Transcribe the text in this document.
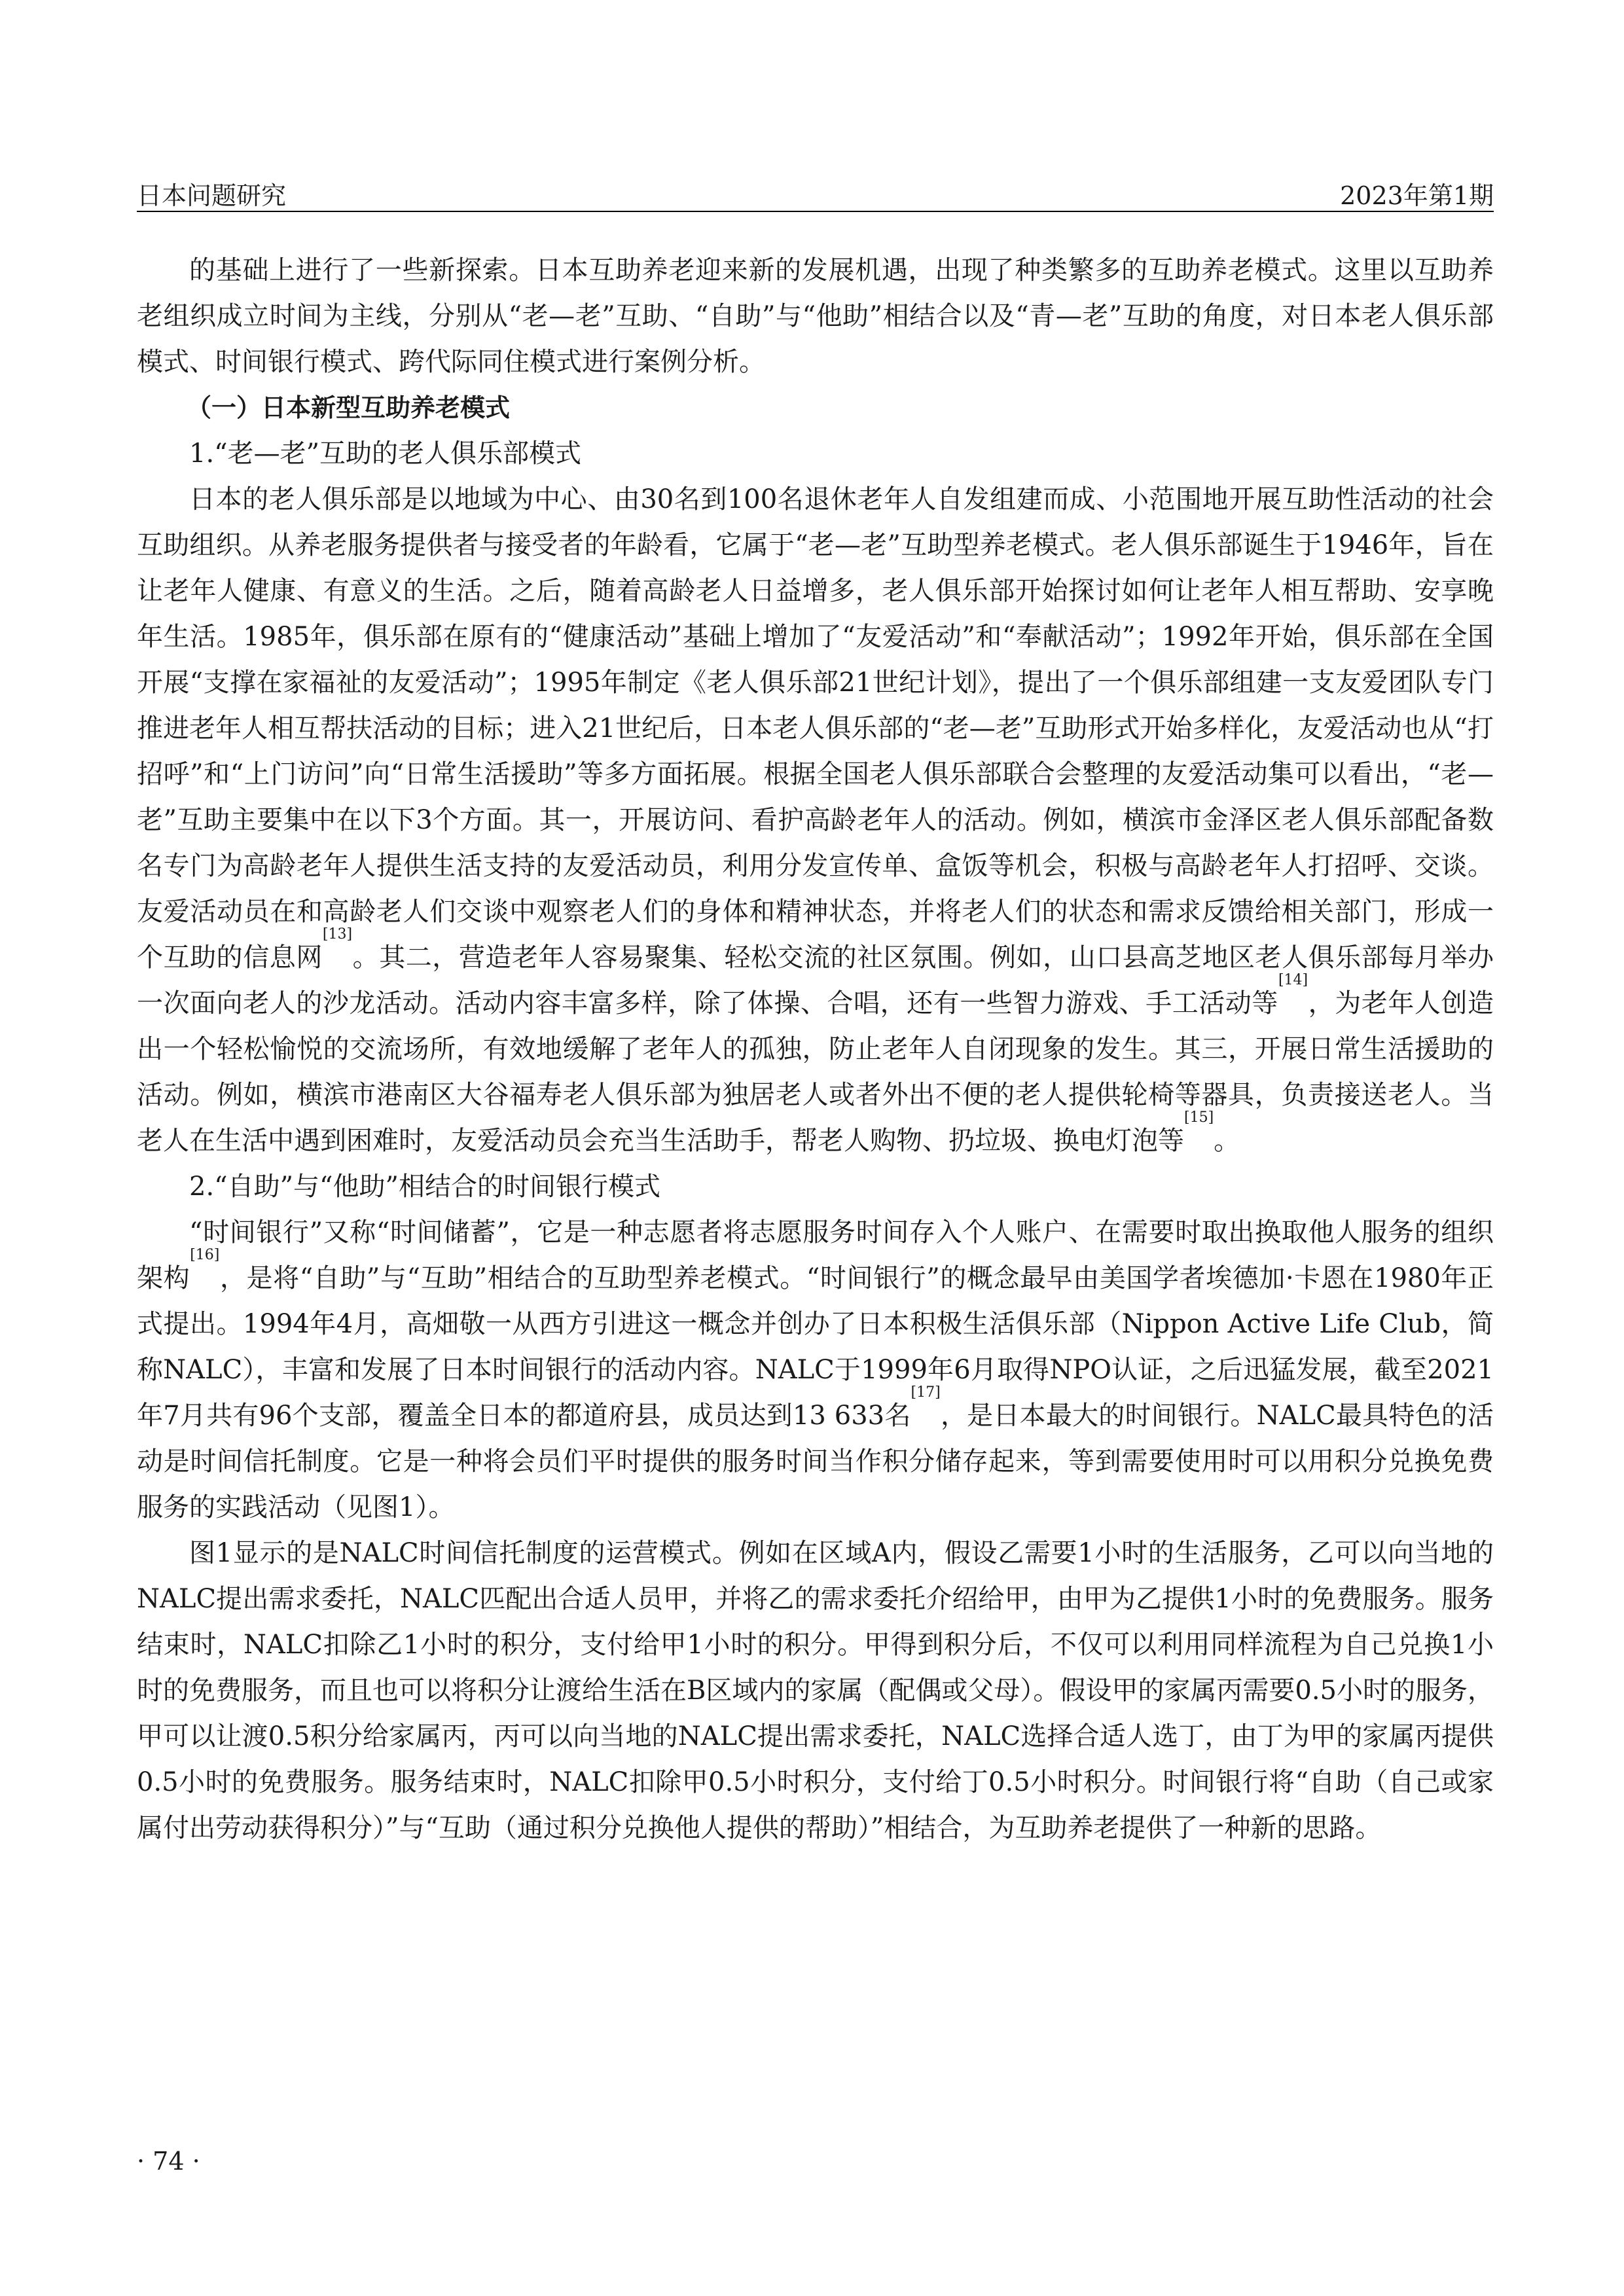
日本问题研究	2023年第1期

的基础上进行了一些新探索。日本互助养老迎来新的发展机遇，出现了种类繁多的互助养老模式。这里以互助养老组织成立时间为主线，分别从“老—老”互助、“自助”与“他助”相结合以及“青—老”互助的角度，对日本老人俱乐部模式、时间银行模式、跨代际同住模式进行案例分析。

（一）日本新型互助养老模式

1.“老—老”互助的老人俱乐部模式

日本的老人俱乐部是以地域为中心、由30名到100名退休老年人自发组建而成、小范围地开展互助性活动的社会互助组织。从养老服务提供者与接受者的年龄看，它属于“老—老”互助型养老模式。老人俱乐部诞生于1946年，旨在让老年人健康、有意义的生活。之后，随着高龄老人日益增多，老人俱乐部开始探讨如何让老年人相互帮助、安享晚年生活。1985年，俱乐部在原有的“健康活动”基础上增加了“友爱活动”和“奉献活动”；1992年开始，俱乐部在全国开展“支撑在家福祉的友爱活动”；1995年制定《老人俱乐部21世纪计划》，提出了一个俱乐部组建一支友爱团队专门推进老年人相互帮扶活动的目标；进入21世纪后，日本老人俱乐部的“老—老”互助形式开始多样化，友爱活动也从“打招呼”和“上门访问”向“日常生活援助”等多方面拓展。根据全国老人俱乐部联合会整理的友爱活动集可以看出，“老—老”互助主要集中在以下3个方面。其一，开展访问、看护高龄老年人的活动。例如，横滨市金泽区老人俱乐部配备数名专门为高龄老年人提供生活支持的友爱活动员，利用分发宣传单、盒饭等机会，积极与高龄老年人打招呼、交谈。友爱活动员在和高龄老人们交谈中观察老人们的身体和精神状态，并将老人们的状态和需求反馈给相关部门，形成一个互助的信息网[13]。其二，营造老年人容易聚集、轻松交流的社区氛围。例如，山口县高芝地区老人俱乐部每月举办一次面向老人的沙龙活动。活动内容丰富多样，除了体操、合唱，还有一些智力游戏、手工活动等[14]，为老年人创造出一个轻松愉悦的交流场所，有效地缓解了老年人的孤独，防止老年人自闭现象的发生。其三，开展日常生活援助的活动。例如，横滨市港南区大谷福寿老人俱乐部为独居老人或者外出不便的老人提供轮椅等器具，负责接送老人。当老人在生活中遇到困难时，友爱活动员会充当生活助手，帮老人购物、扔垃圾、换电灯泡等[15]。

2.“自助”与“他助”相结合的时间银行模式

“时间银行”又称“时间储蓄”，它是一种志愿者将志愿服务时间存入个人账户、在需要时取出换取他人服务的组织架构[16]，是将“自助”与“互助”相结合的互助型养老模式。“时间银行”的概念最早由美国学者埃德加·卡恩在1980年正式提出。1994年4月，高畑敬一从西方引进这一概念并创办了日本积极生活俱乐部（Nippon Active Life Club，简称NALC），丰富和发展了日本时间银行的活动内容。NALC于1999年6月取得NPO认证，之后迅猛发展，截至2021年7月共有96个支部，覆盖全日本的都道府县，成员达到13 633名[17]，是日本最大的时间银行。NALC最具特色的活动是时间信托制度。它是一种将会员们平时提供的服务时间当作积分储存起来，等到需要使用时可以用积分兑换免费服务的实践活动（见图1）。

图1显示的是NALC时间信托制度的运营模式。例如在区域A内，假设乙需要1小时的生活服务，乙可以向当地的NALC提出需求委托，NALC匹配出合适人员甲，并将乙的需求委托介绍给甲，由甲为乙提供1小时的免费服务。服务结束时，NALC扣除乙1小时的积分，支付给甲1小时的积分。甲得到积分后，不仅可以利用同样流程为自己兑换1小时的免费服务，而且也可以将积分让渡给生活在B区域内的家属（配偶或父母）。假设甲的家属丙需要0.5小时的服务，甲可以让渡0.5积分给家属丙，丙可以向当地的NALC提出需求委托，NALC选择合适人选丁，由丁为甲的家属丙提供0.5小时的免费服务。服务结束时，NALC扣除甲0.5小时积分，支付给丁0.5小时积分。时间银行将“自助（自己或家属付出劳动获得积分）”与“互助（通过积分兑换他人提供的帮助）”相结合，为互助养老提供了一种新的思路。

· 74 ·
